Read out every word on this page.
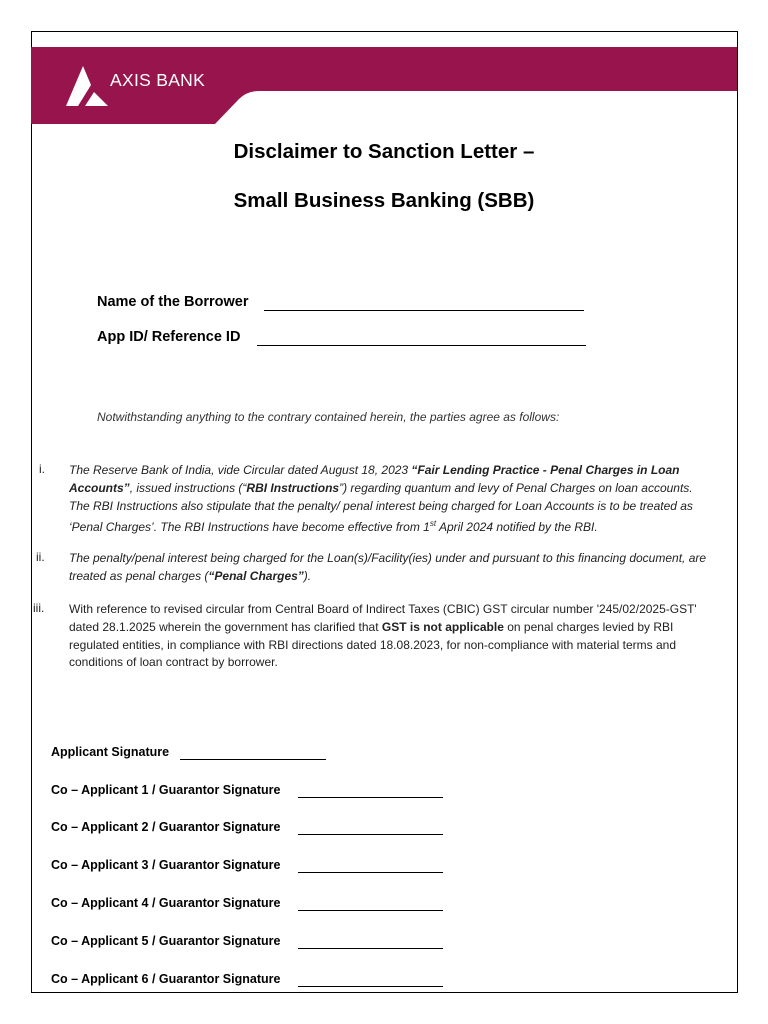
AXIS BANK
Disclaimer to Sanction Letter –
Small Business Banking (SBB)
Name of the Borrower
App ID/ Reference ID
Notwithstanding anything to the contrary contained herein, the parties agree as follows:
i. The Reserve Bank of India, vide Circular dated August 18, 2023 “Fair Lending Practice - Penal Charges in Loan Accounts”, issued instructions (“RBI Instructions”) regarding quantum and levy of Penal Charges on loan accounts. The RBI Instructions also stipulate that the penalty/ penal interest being charged for Loan Accounts is to be treated as ‘Penal Charges’. The RBI Instructions have become effective from 1st April 2024 notified by the RBI.
ii. The penalty/penal interest being charged for the Loan(s)/Facility(ies) under and pursuant to this financing document, are treated as penal charges (“Penal Charges”).
iii. With reference to revised circular from Central Board of Indirect Taxes (CBIC) GST circular number '245/02/2025-GST' dated 28.1.2025 wherein the government has clarified that GST is not applicable on penal charges levied by RBI regulated entities, in compliance with RBI directions dated 18.08.2023, for non-compliance with material terms and conditions of loan contract by borrower.
Applicant Signature
Co – Applicant 1 / Guarantor Signature
Co – Applicant 2 / Guarantor Signature
Co – Applicant 3 / Guarantor Signature
Co – Applicant 4 / Guarantor Signature
Co – Applicant 5 / Guarantor Signature
Co – Applicant 6 / Guarantor Signature
